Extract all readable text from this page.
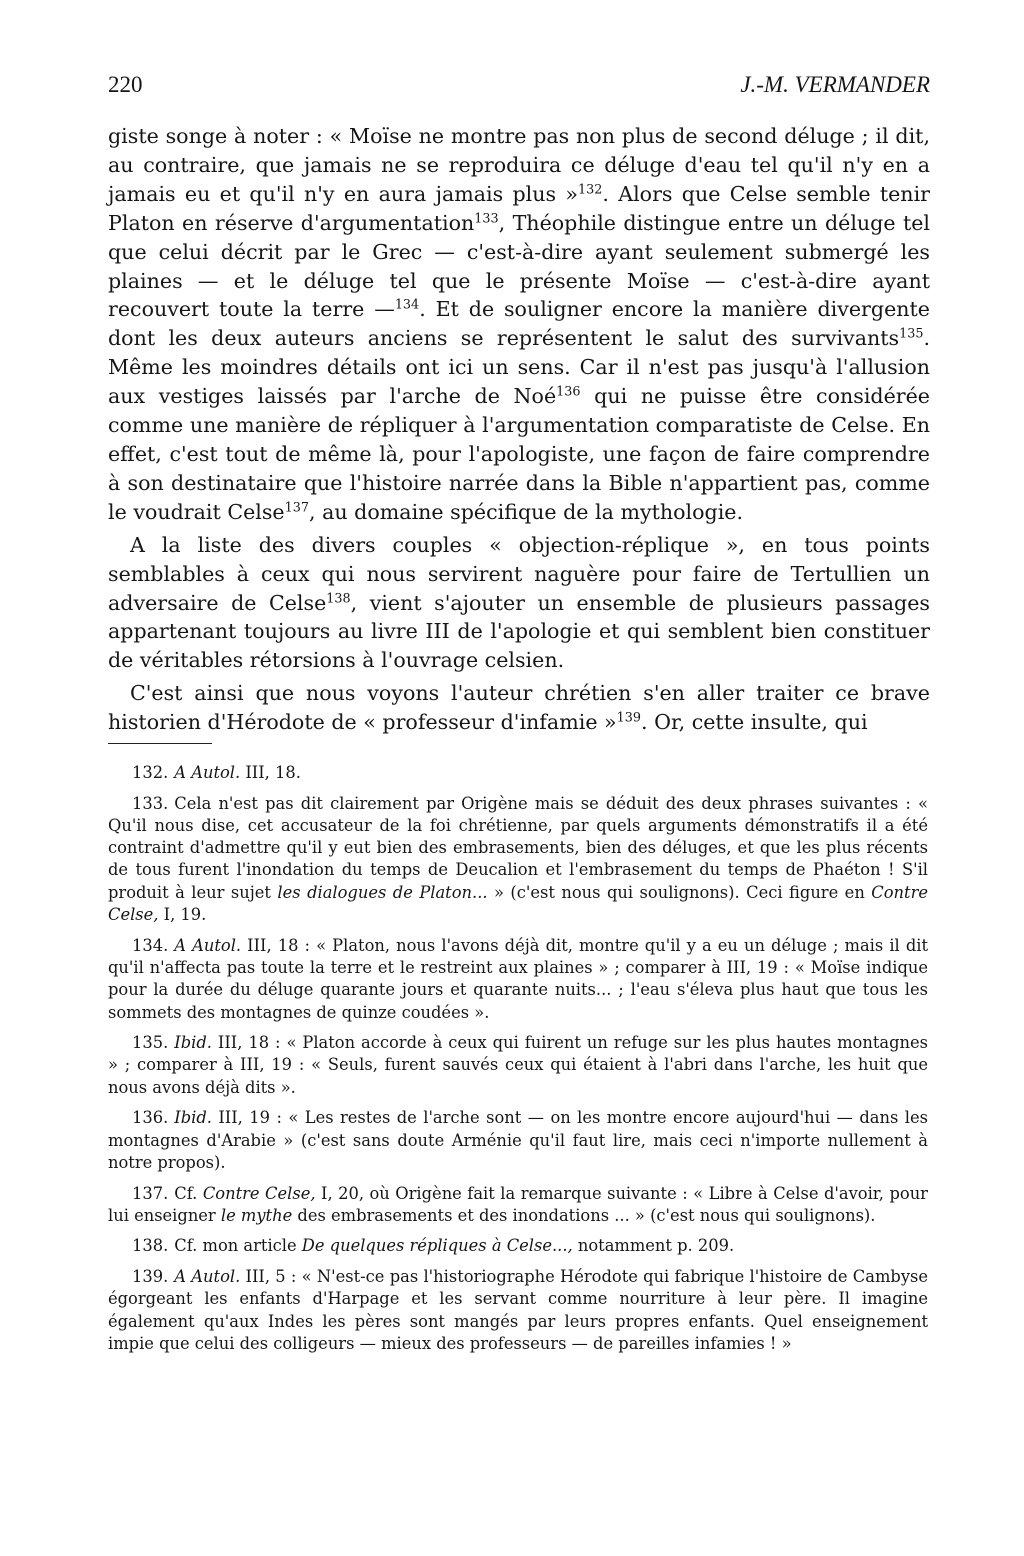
220	J.-M. VERMANDER

giste songe à noter : « Moïse ne montre pas non plus de second déluge ; il dit, au contraire, que jamais ne se reproduira ce déluge d'eau tel qu'il n'y en a jamais eu et qu'il n'y en aura jamais plus »$^{132}$. Alors que Celse semble tenir Platon en réserve d'argumentation$^{133}$, Théophile distingue entre un déluge tel que celui décrit par le Grec — c'est-à-dire ayant seulement submergé les plaines — et le déluge tel que le présente Moïse — c'est-à-dire ayant recouvert toute la terre —$^{134}$. Et de souligner encore la manière divergente dont les deux auteurs anciens se représentent le salut des survivants$^{135}$. Même les moindres détails ont ici un sens. Car il n'est pas jusqu'à l'allusion aux vestiges laissés par l'arche de Noé$^{136}$ qui ne puisse être considérée comme une manière de répliquer à l'argumentation comparatiste de Celse. En effet, c'est tout de même là, pour l'apologiste, une façon de faire comprendre à son destinataire que l'histoire narrée dans la Bible n'appartient pas, comme le voudrait Celse$^{137}$, au domaine spécifique de la mythologie.

A la liste des divers couples « objection-réplique », en tous points semblables à ceux qui nous servirent naguère pour faire de Tertullien un adversaire de Celse$^{138}$, vient s'ajouter un ensemble de plusieurs passages appartenant toujours au livre III de l'apologie et qui semblent bien constituer de véritables rétorsions à l'ouvrage celsien.

C'est ainsi que nous voyons l'auteur chrétien s'en aller traiter ce brave historien d'Hérodote de « professeur d'infamie »$^{139}$. Or, cette insulte, qui

132. A Autol. III, 18.

133. Cela n'est pas dit clairement par Origène mais se déduit des deux phrases suivantes : « Qu'il nous dise, cet accusateur de la foi chrétienne, par quels arguments démonstratifs il a été contraint d'admettre qu'il y eut bien des embrasements, bien des déluges, et que les plus récents de tous furent l'inondation du temps de Deucalion et l'embrasement du temps de Phaéton ! S'il produit à leur sujet les dialogues de Platon... » (c'est nous qui soulignons). Ceci figure en Contre Celse, I, 19.

134. A Autol. III, 18 : « Platon, nous l'avons déjà dit, montre qu'il y a eu un déluge ; mais il dit qu'il n'affecta pas toute la terre et le restreint aux plaines » ; comparer à III, 19 : « Moïse indique pour la durée du déluge quarante jours et quarante nuits... ; l'eau s'éleva plus haut que tous les sommets des montagnes de quinze coudées ».

135. Ibid. III, 18 : « Platon accorde à ceux qui fuirent un refuge sur les plus hautes montagnes » ; comparer à III, 19 : « Seuls, furent sauvés ceux qui étaient à l'abri dans l'arche, les huit que nous avons déjà dits ».

136. Ibid. III, 19 : « Les restes de l'arche sont — on les montre encore aujourd'hui — dans les montagnes d'Arabie » (c'est sans doute Arménie qu'il faut lire, mais ceci n'importe nullement à notre propos).

137. Cf. Contre Celse, I, 20, où Origène fait la remarque suivante : « Libre à Celse d'avoir, pour lui enseigner le mythe des embrasements et des inondations ... » (c'est nous qui soulignons).

138. Cf. mon article De quelques répliques à Celse..., notamment p. 209.

139. A Autol. III, 5 : « N'est-ce pas l'historiographe Hérodote qui fabrique l'histoire de Cambyse égorgeant les enfants d'Harpage et les servant comme nourriture à leur père. Il imagine également qu'aux Indes les pères sont mangés par leurs propres enfants. Quel enseignement impie que celui des colligeurs — mieux des professeurs — de pareilles infamies ! »
